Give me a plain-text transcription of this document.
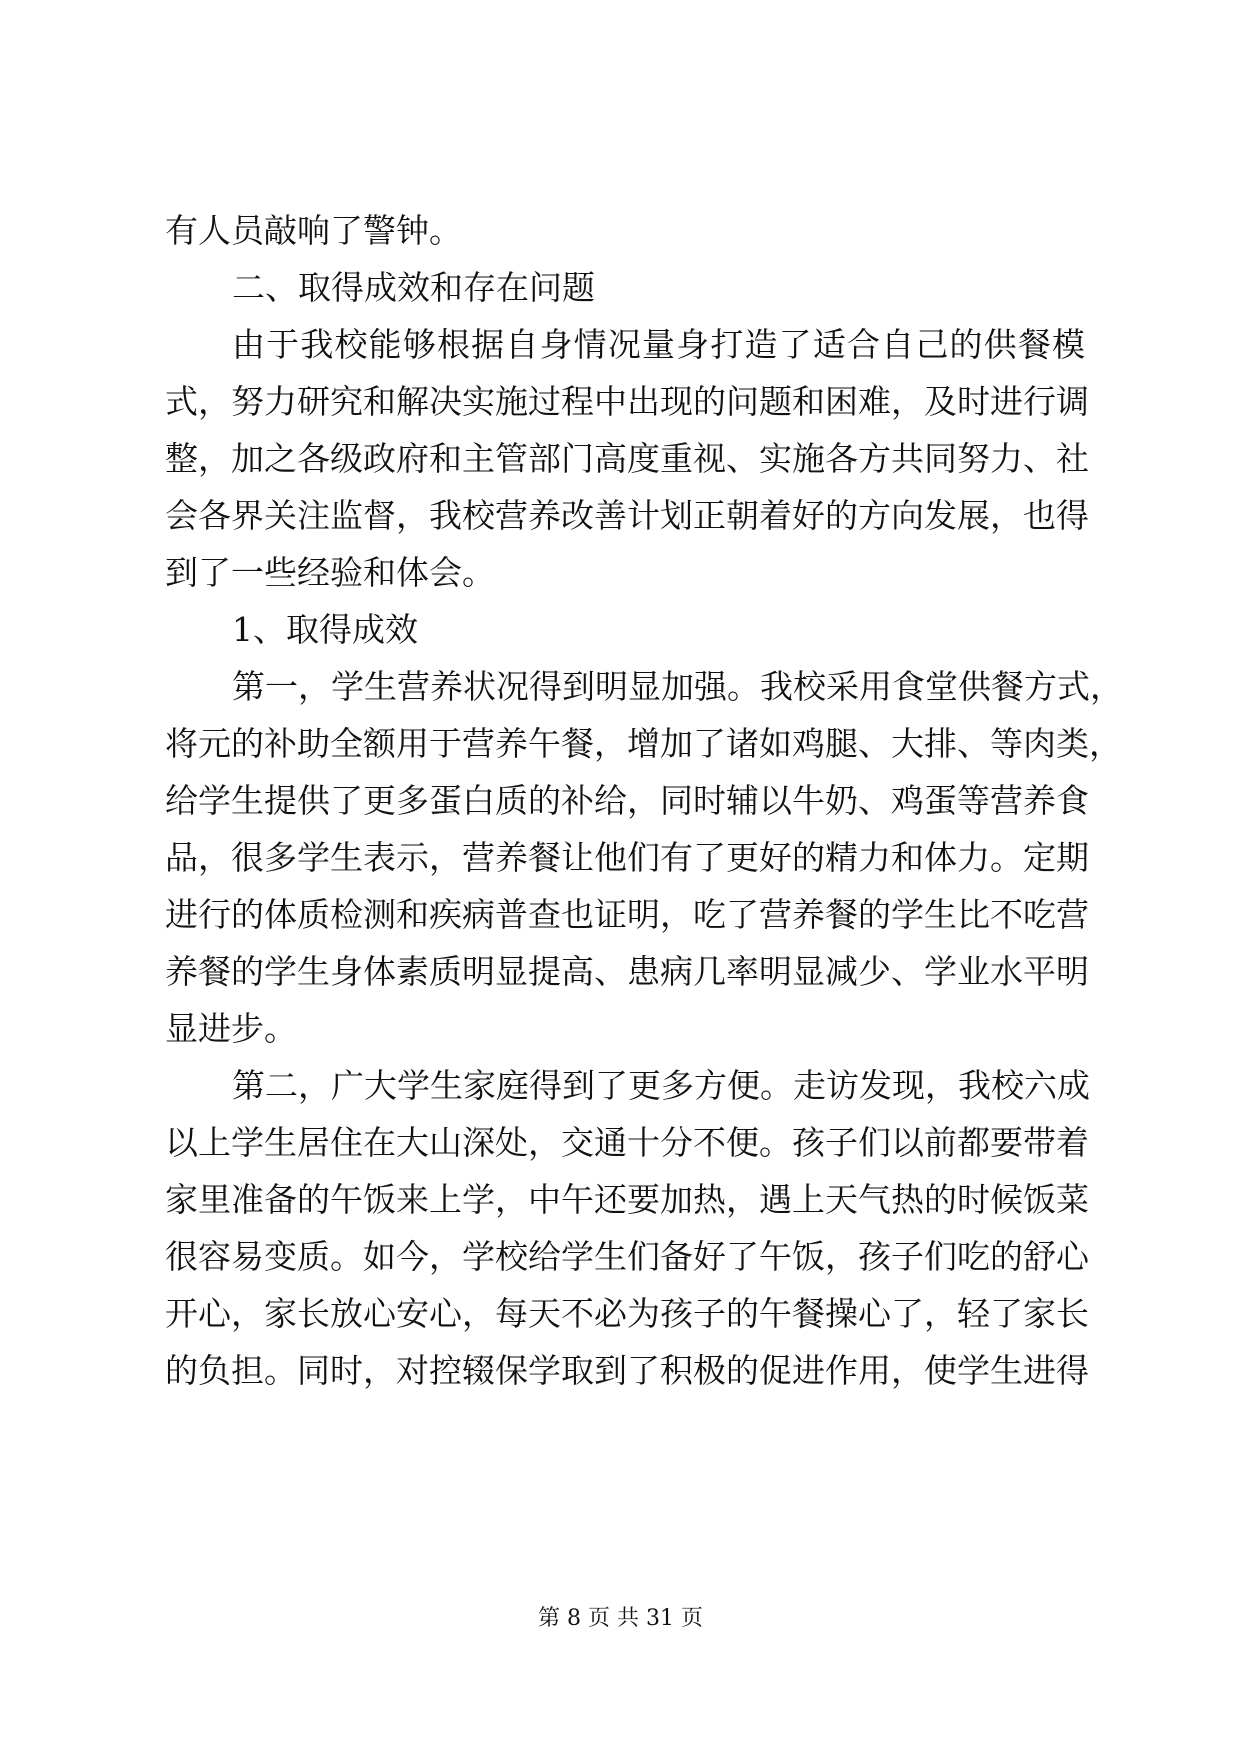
有人员敲响了警钟。
二、取得成效和存在问题
由于我校能够根据自身情况量身打造了适合自己的供餐模
式，努力研究和解决实施过程中出现的问题和困难，及时进行调
整，加之各级政府和主管部门高度重视、实施各方共同努力、社
会各界关注监督，我校营养改善计划正朝着好的方向发展，也得
到了一些经验和体会。
1、取得成效
第一，学生营养状况得到明显加强。我校采用食堂供餐方式，
将元的补助全额用于营养午餐，增加了诸如鸡腿、大排、等肉类，
给学生提供了更多蛋白质的补给，同时辅以牛奶、鸡蛋等营养食
品，很多学生表示，营养餐让他们有了更好的精力和体力。定期
进行的体质检测和疾病普查也证明，吃了营养餐的学生比不吃营
养餐的学生身体素质明显提高、患病几率明显减少、学业水平明
显进步。
第二，广大学生家庭得到了更多方便。走访发现，我校六成
以上学生居住在大山深处，交通十分不便。孩子们以前都要带着
家里准备的午饭来上学，中午还要加热，遇上天气热的时候饭菜
很容易变质。如今，学校给学生们备好了午饭，孩子们吃的舒心
开心，家长放心安心，每天不必为孩子的午餐操心了，轻了家长
的负担。同时，对控辍保学取到了积极的促进作用，使学生进得
第 8 页 共 31 页
